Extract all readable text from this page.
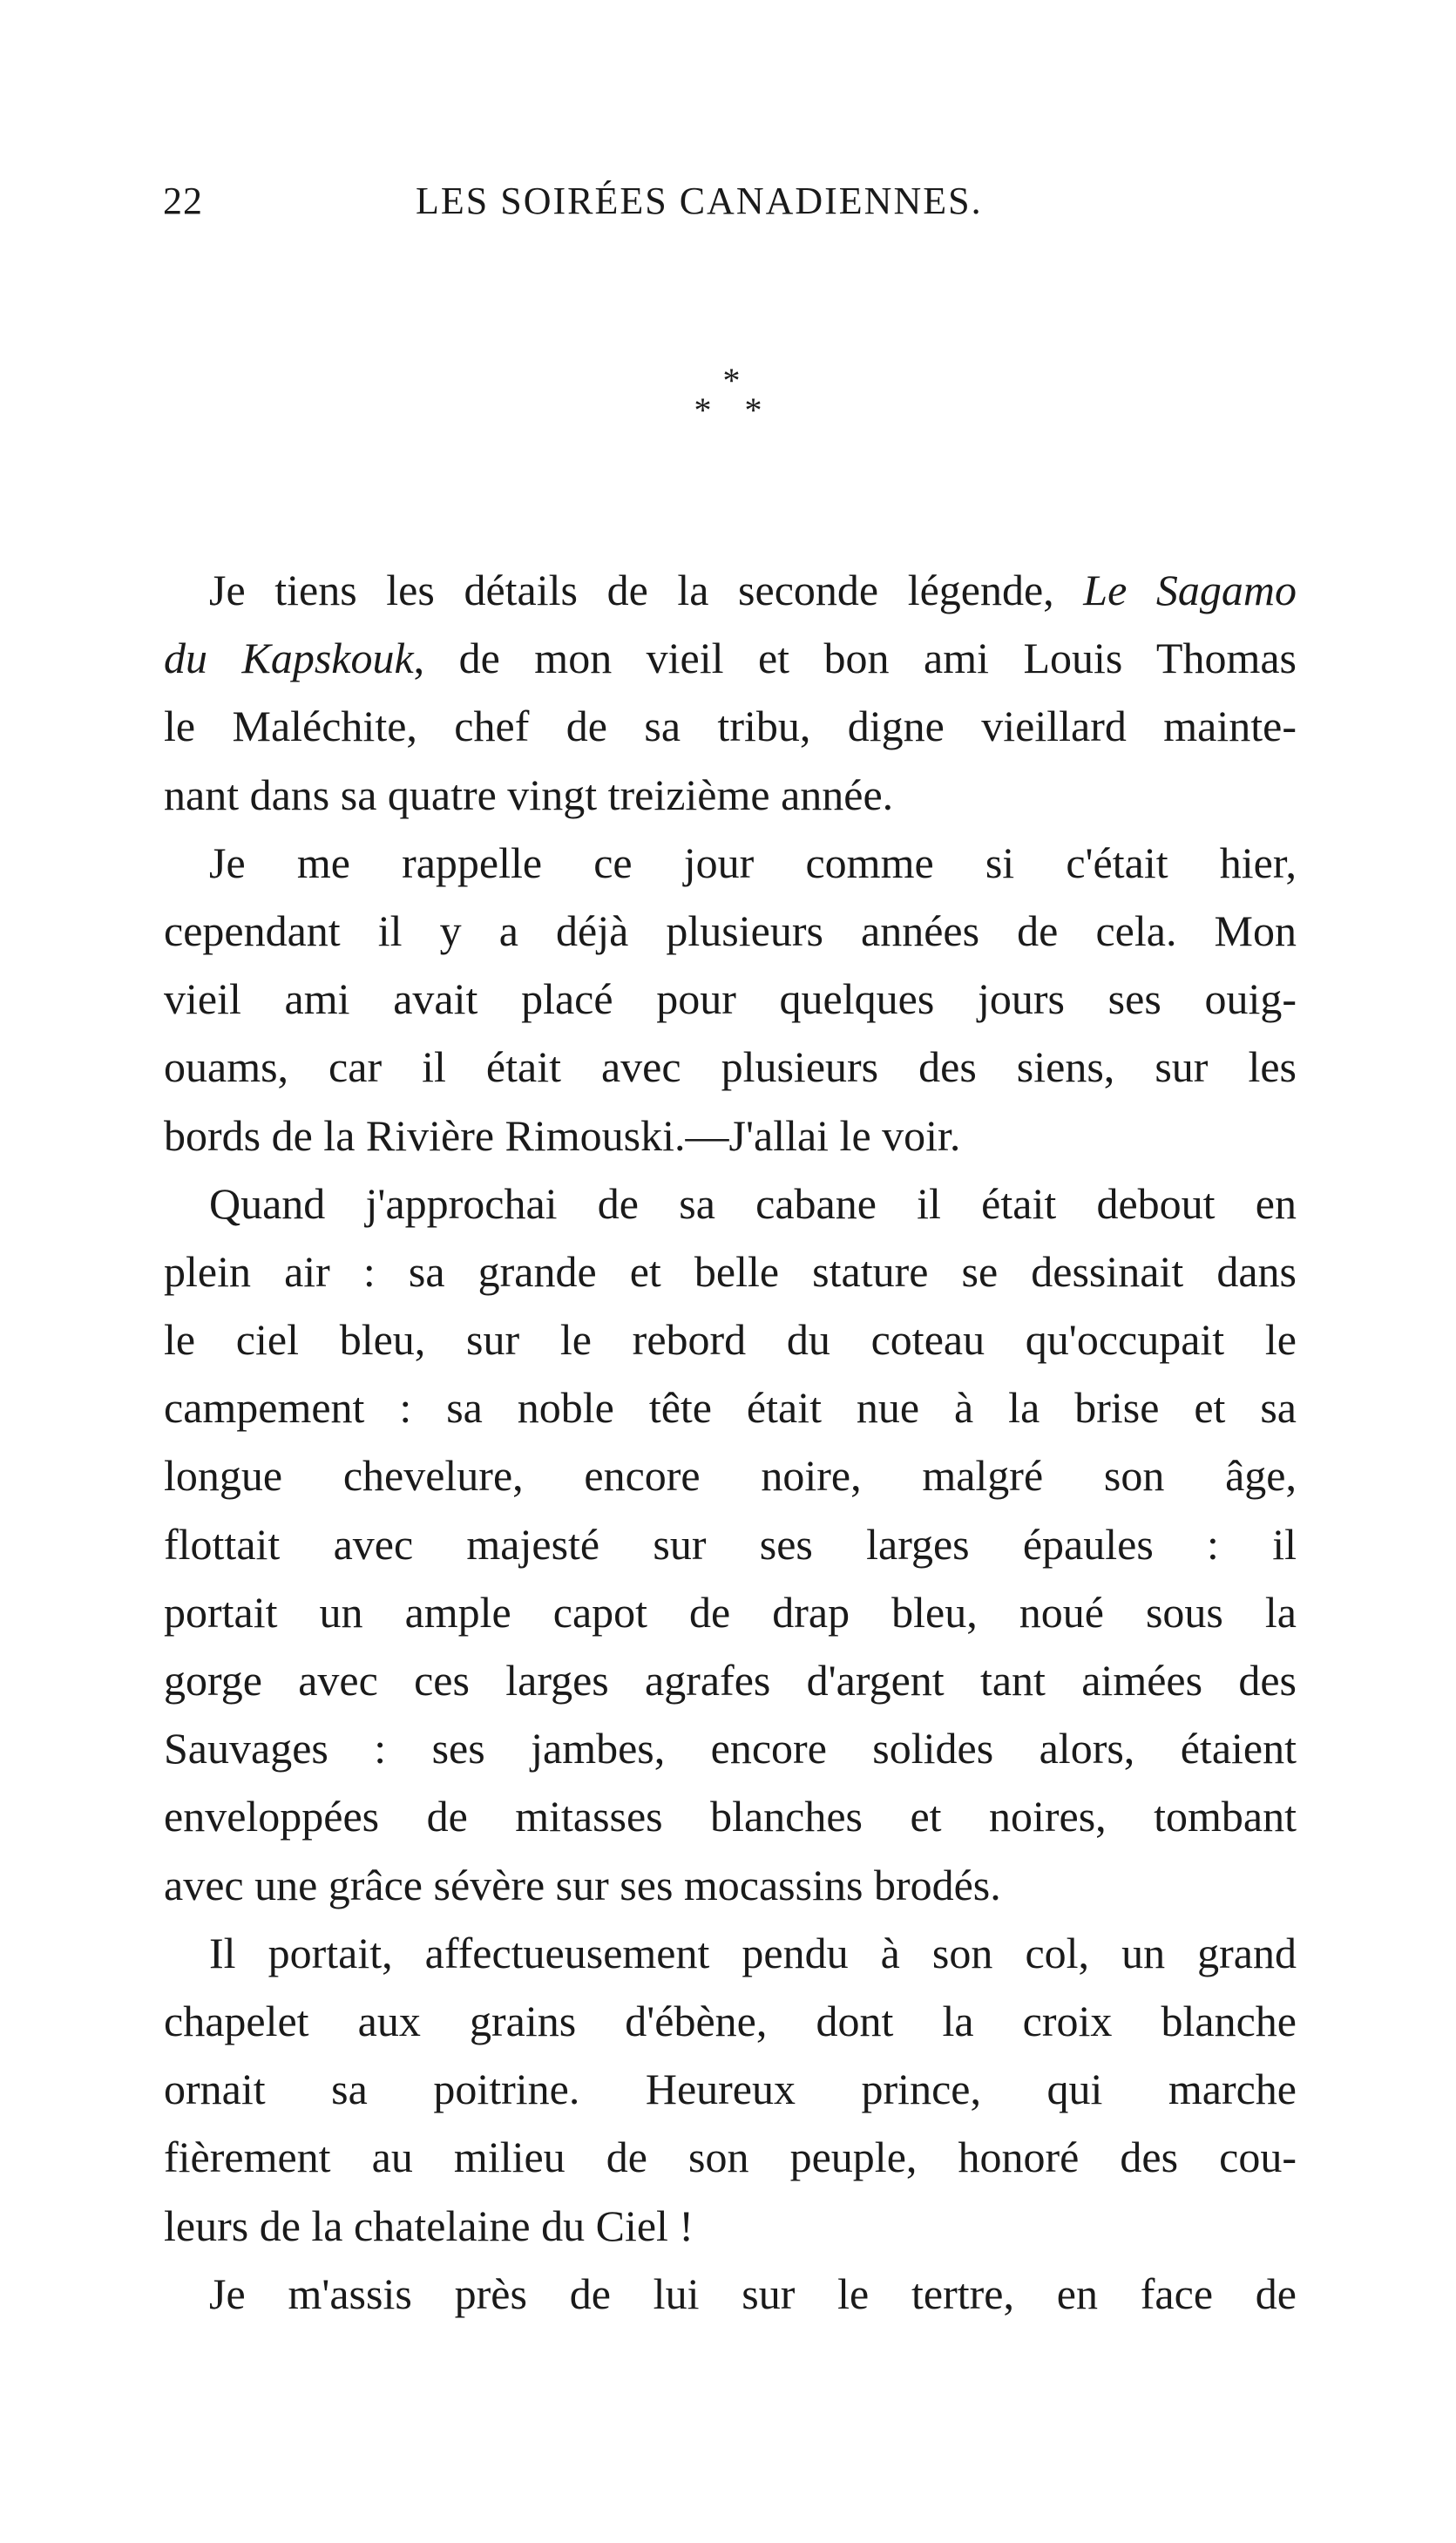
22	LES SOIRÉES CANADIENNES.
*
* *
Je tiens les détails de la seconde légende, Le Sagamo
du Kapskouk, de mon vieil et bon ami Louis Thomas
le Maléchite, chef de sa tribu, digne vieillard mainte-
nant dans sa quatre vingt treizième année.
Je me rappelle ce jour comme si c'était hier,
cependant il y a déjà plusieurs années de cela. Mon
vieil ami avait placé pour quelques jours ses ouig-
ouams, car il était avec plusieurs des siens, sur les
bords de la Rivière Rimouski.—J'allai le voir.
Quand j'approchai de sa cabane il était debout en
plein air : sa grande et belle stature se dessinait dans
le ciel bleu, sur le rebord du coteau qu'occupait le
campement : sa noble tête était nue à la brise et sa
longue chevelure, encore noire, malgré son âge,
flottait avec majesté sur ses larges épaules : il
portait un ample capot de drap bleu, noué sous la
gorge avec ces larges agrafes d'argent tant aimées des
Sauvages : ses jambes, encore solides alors, étaient
enveloppées de mitasses blanches et noires, tombant
avec une grâce sévère sur ses mocassins brodés.
Il portait, affectueusement pendu à son col, un grand
chapelet aux grains d'ébène, dont la croix blanche
ornait sa poitrine. Heureux prince, qui marche
fièrement au milieu de son peuple, honoré des cou-
leurs de la chatelaine du Ciel !
Je m'assis près de lui sur le tertre, en face de
